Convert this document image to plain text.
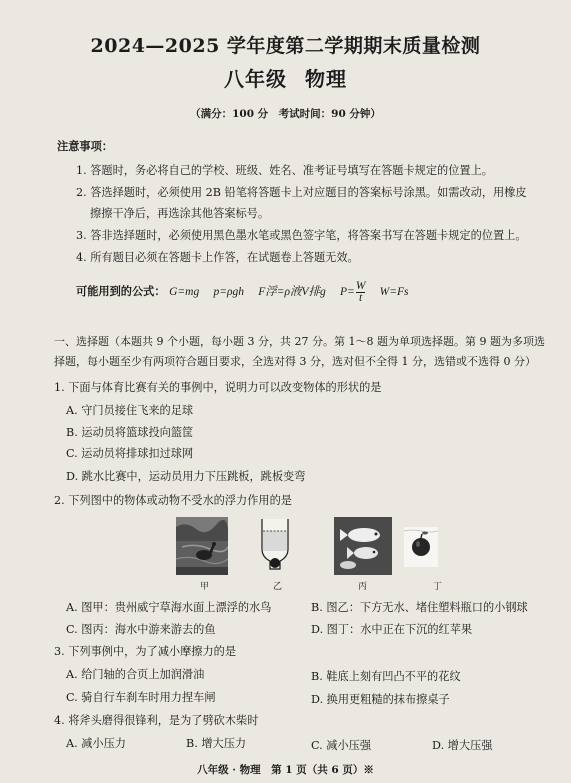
2024—2025 学年度第二学期期末质量检测
八年级 物理
（满分：100 分　考试时间：90 分钟）
注意事项：
1. 答题时，务必将自己的学校、班级、姓名、准考证号填写在答题卡规定的位置上。
2. 答选择题时，必须使用 2B 铅笔将答题卡上对应题目的答案标号涂黑。如需改动，用橡皮
擦擦干净后，再选涂其他答案标号。
3. 答非选择题时，必须使用黑色墨水笔或黑色签字笔，将答案书写在答题卡规定的位置上。
4. 所有题目必须在答题卡上作答，在试题卷上答题无效。
可能用到的公式： G=mg p=ρgh F浮=ρ液V排g $P= \frac{W}{t} W=Fs$
一、选择题（本题共 9 个小题，每小题 3 分，共 27 分。第 1～8 题为单项选择题。第 9 题为多项选
择题，每小题至少有两项符合题目要求，全选对得 3 分，选对但不全得 1 分，选错或不选得 0 分）
1. 下面与体育比赛有关的事例中，说明力可以改变物体的形状的是
A. 守门员接住飞来的足球
B. 运动员将篮球投向篮筐
C. 运动员将排球扣过球网
D. 跳水比赛中，运动员用力下压跳板，跳板变弯
2. 下列图中的物体或动物不受水的浮力作用的是
甲	乙	丙	丁
A. 图甲：贵州威宁草海水面上漂浮的水鸟	B. 图乙：下方无水、堵住塑料瓶口的小钢球
C. 图丙：海水中游来游去的鱼	D. 图丁：水中正在下沉的红苹果
3. 下列事例中，为了减小摩擦力的是
A. 给门轴的合页上加润滑油	B. 鞋底上刻有凹凸不平的花纹
C. 骑自行车刹车时用力捏车闸	D. 换用更粗糙的抹布擦桌子
4. 将斧头磨得很锋利，是为了劈砍木柴时
A. 减小压力	B. 增大压力	C. 减小压强	D. 增大压强
八年级 · 物理　第 1 页（共 6 页）※
